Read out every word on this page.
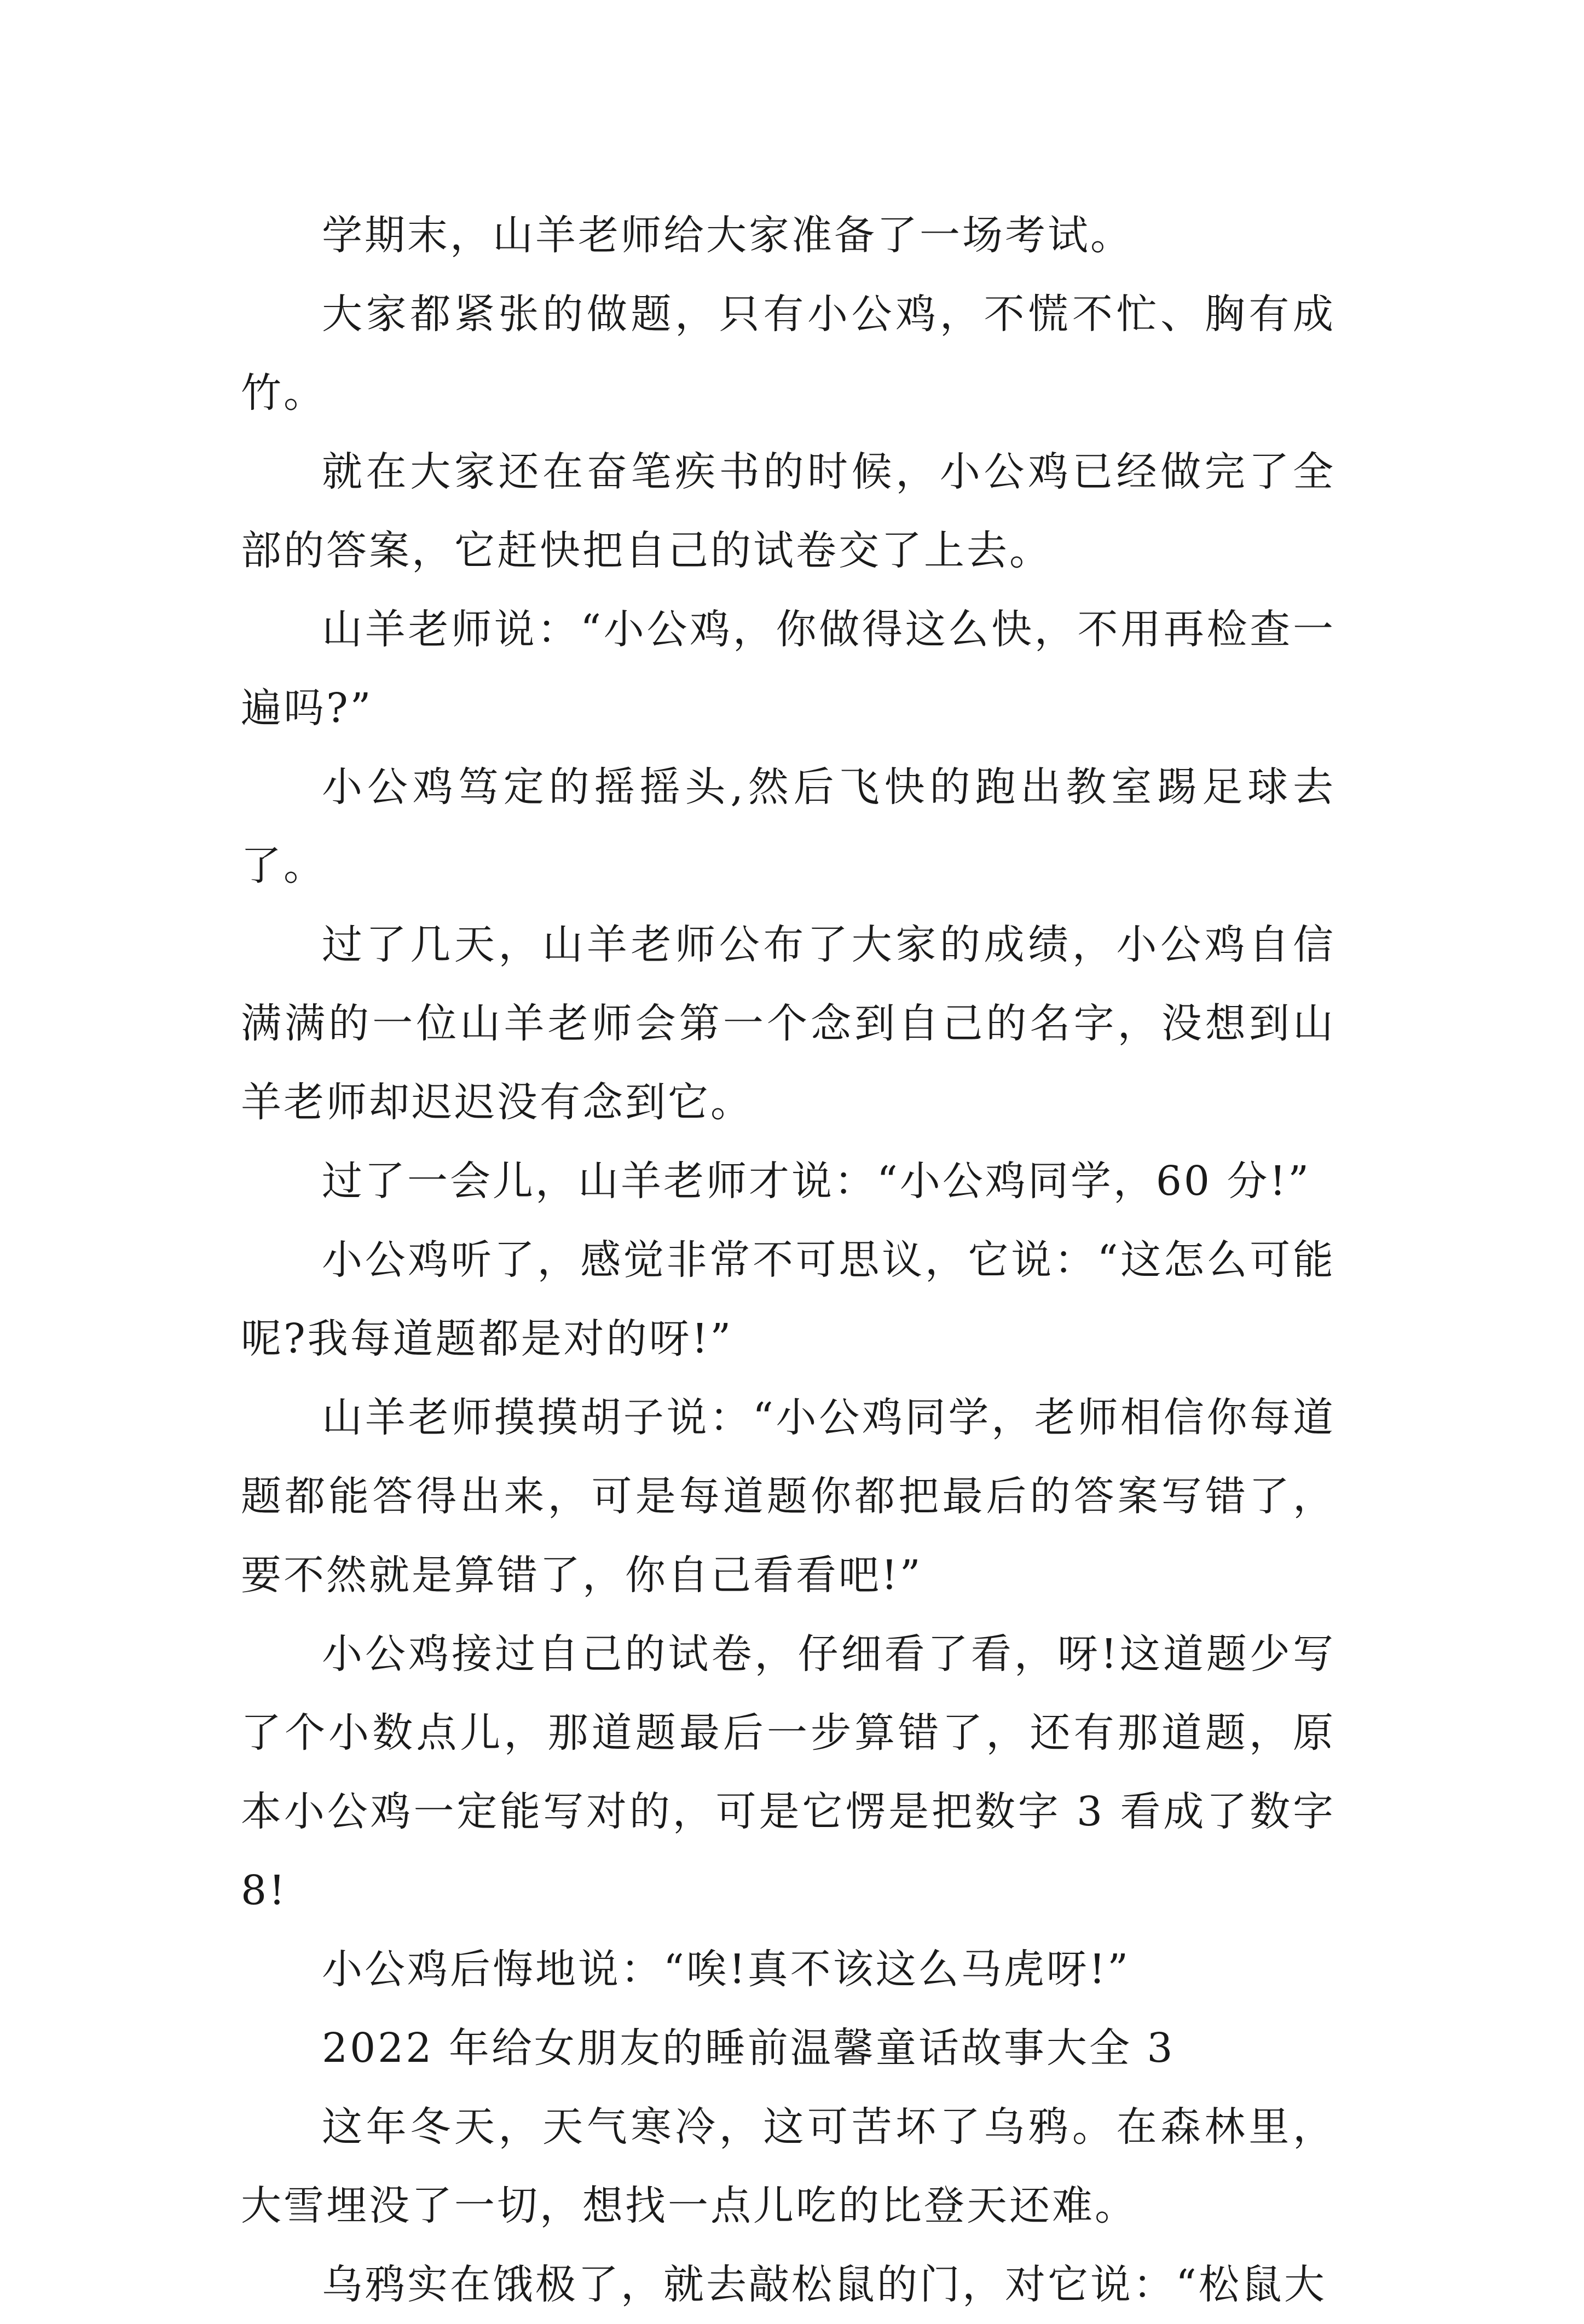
学期末，山羊老师给大家准备了一场考试。

大家都紧张的做题，只有小公鸡，不慌不忙、胸有成竹。

就在大家还在奋笔疾书的时候，小公鸡已经做完了全部的答案，它赶快把自己的试卷交了上去。

山羊老师说：“小公鸡，你做得这么快，不用再检查一遍吗?”

小公鸡笃定的摇摇头,然后飞快的跑出教室踢足球去了。

过了几天，山羊老师公布了大家的成绩，小公鸡自信满满的一位山羊老师会第一个念到自己的名字，没想到山羊老师却迟迟没有念到它。

过了一会儿，山羊老师才说：“小公鸡同学，60 分!”

小公鸡听了，感觉非常不可思议，它说：“这怎么可能呢?我每道题都是对的呀!”

山羊老师摸摸胡子说：“小公鸡同学，老师相信你每道题都能答得出来，可是每道题你都把最后的答案写错了，要不然就是算错了，你自己看看吧!”

小公鸡接过自己的试卷，仔细看了看，呀!这道题少写了个小数点儿，那道题最后一步算错了，还有那道题，原本小公鸡一定能写对的，可是它愣是把数字 3 看成了数字 8!

小公鸡后悔地说：“唉!真不该这么马虎呀!”

2022 年给女朋友的睡前温馨童话故事大全 3

这年冬天，天气寒冷，这可苦坏了乌鸦。在森林里，大雪埋没了一切，想找一点儿吃的比登天还难。

乌鸦实在饿极了，就去敲松鼠的门，对它说：“松鼠大
